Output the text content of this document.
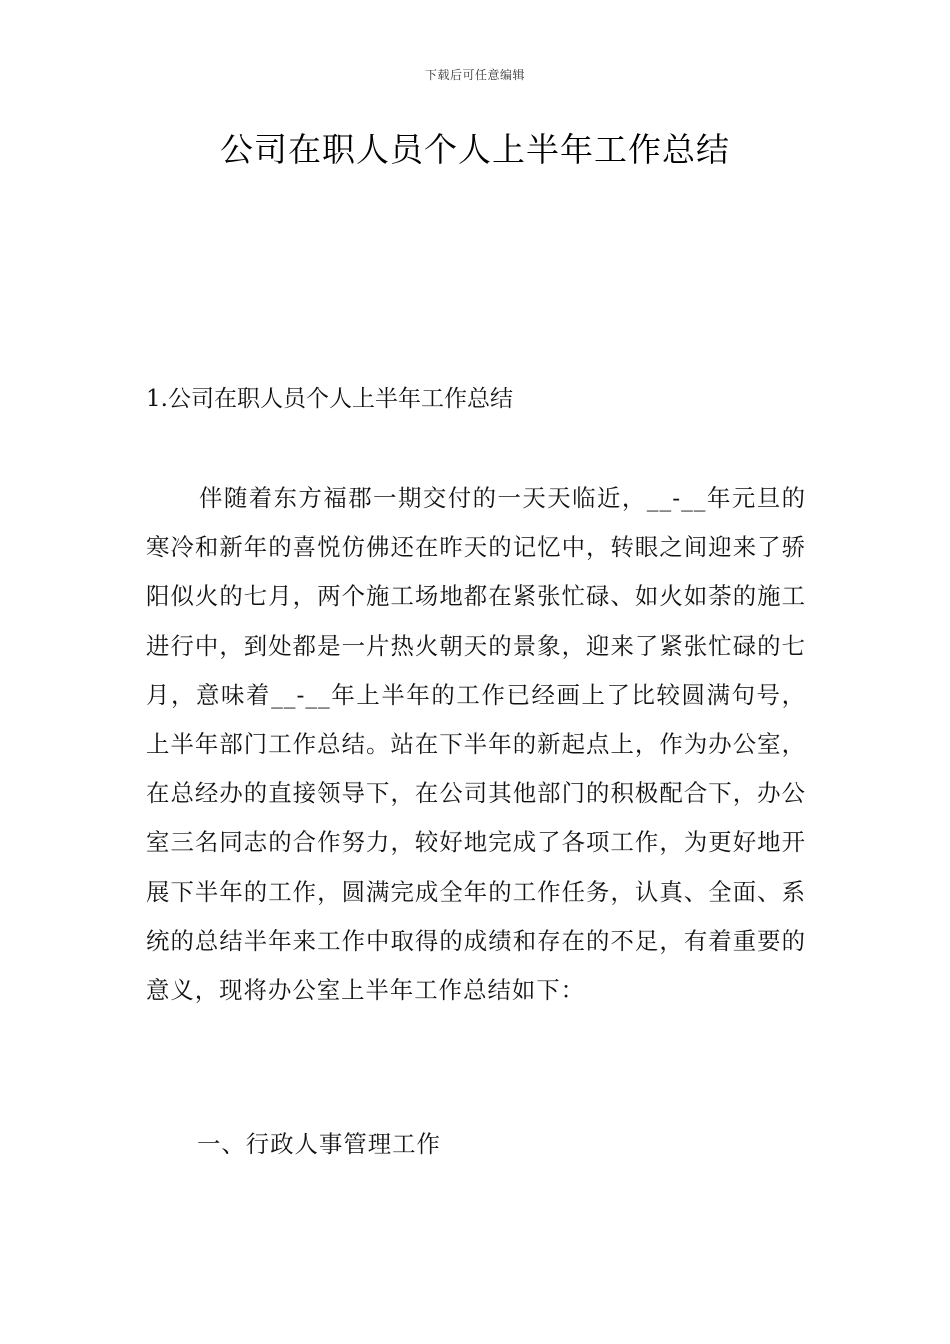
下载后可任意编辑
公司在职人员个人上半年工作总结
1.公司在职人员个人上半年工作总结

伴随着东方福郡一期交付的一天天临近，__-__年元旦的寒冷和新年的喜悦仿佛还在昨天的记忆中，转眼之间迎来了骄阳似火的七月，两个施工场地都在紧张忙碌、如火如荼的施工进行中，到处都是一片热火朝天的景象，迎来了紧张忙碌的七月，意味着__-__年上半年的工作已经画上了比较圆满句号，上半年部门工作总结。站在下半年的新起点上，作为办公室，在总经办的直接领导下，在公司其他部门的积极配合下，办公室三名同志的合作努力，较好地完成了各项工作，为更好地开展下半年的工作，圆满完成全年的工作任务，认真、全面、系统的总结半年来工作中取得的成绩和存在的不足，有着重要的意义，现将办公室上半年工作总结如下：

一、行政人事管理工作
